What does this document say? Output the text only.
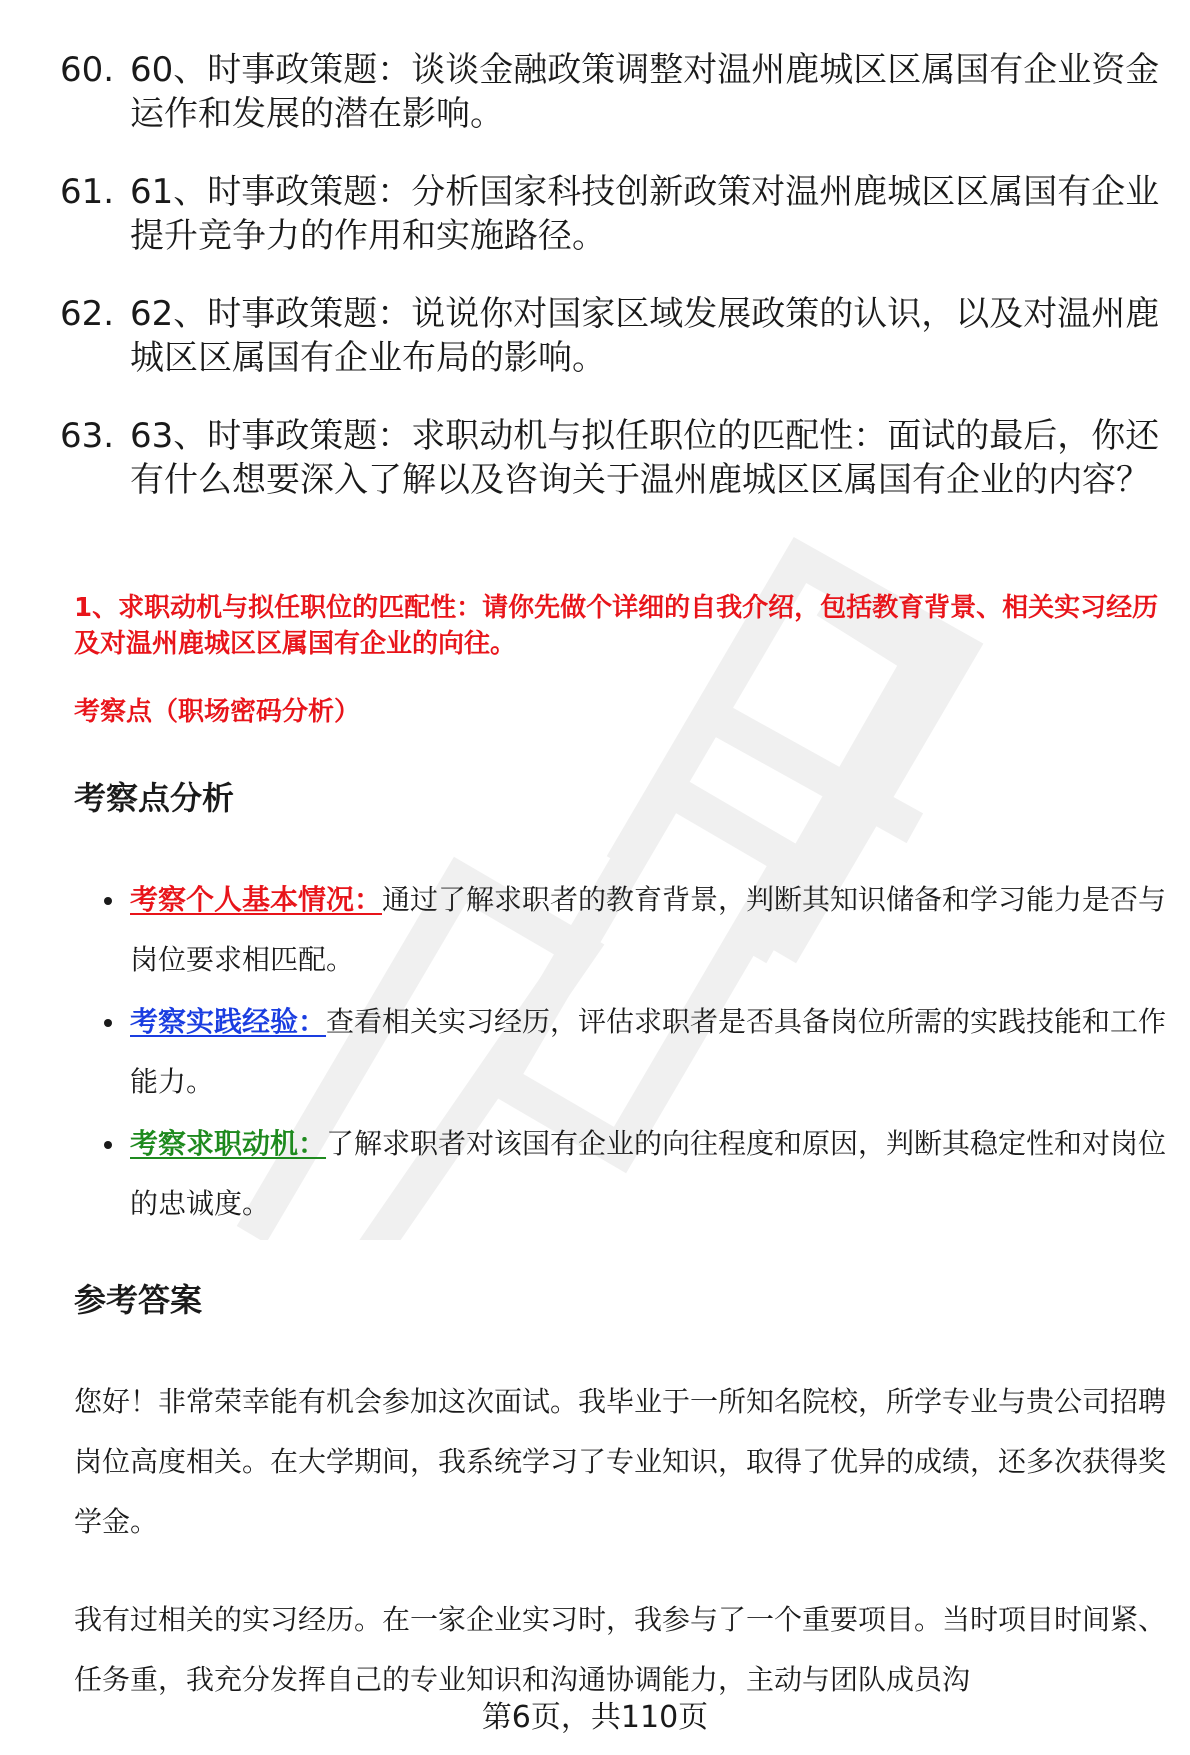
60. 60、时事政策题：谈谈金融政策调整对温州鹿城区区属国有企业资金运作和发展的潜在影响。
61. 61、时事政策题：分析国家科技创新政策对温州鹿城区区属国有企业提升竞争力的作用和实施路径。
62. 62、时事政策题：说说你对国家区域发展政策的认识，以及对温州鹿城区区属国有企业布局的影响。
63. 63、时事政策题：求职动机与拟任职位的匹配性：面试的最后，你还有什么想要深入了解以及咨询关于温州鹿城区区属国有企业的内容？
1、求职动机与拟任职位的匹配性：请你先做个详细的自我介绍，包括教育背景、相关实习经历及对温州鹿城区区属国有企业的向往。
考察点（职场密码分析）
考察点分析
考察个人基本情况：通过了解求职者的教育背景，判断其知识储备和学习能力是否与岗位要求相匹配。
考察实践经验：查看相关实习经历，评估求职者是否具备岗位所需的实践技能和工作能力。
考察求职动机：了解求职者对该国有企业的向往程度和原因，判断其稳定性和对岗位的忠诚度。
参考答案
您好！非常荣幸能有机会参加这次面试。我毕业于一所知名院校，所学专业与贵公司招聘岗位高度相关。在大学期间，我系统学习了专业知识，取得了优异的成绩，还多次获得奖学金。
我有过相关的实习经历。在一家企业实习时，我参与了一个重要项目。当时项目时间紧、任务重，我充分发挥自己的专业知识和沟通协调能力，主动与团队成员沟
第6页，共110页
